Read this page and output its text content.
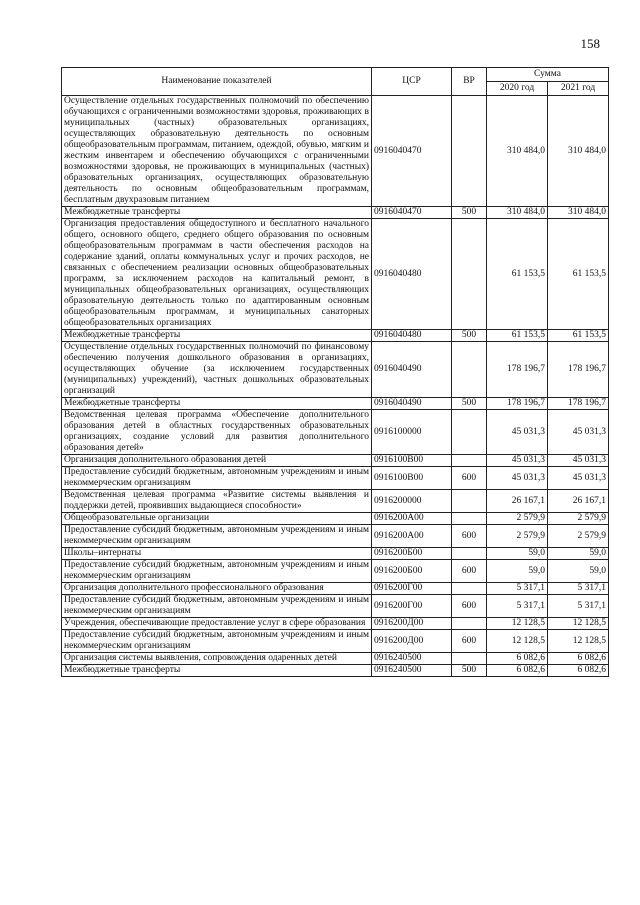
158
Наименование показателей	ЦСР	ВР	Сумма	
			2020 год	2021 год
Осуществление отдельных государственных полномочий по обеспечению обучающихся с ограниченными возможностями здоровья, проживающих в муниципальных (частных) образовательных организациях, осуществляющих образовательную деятельность по основным общеобразовательным программам, питанием, одеждой, обувью, мягким и жестким инвентарем и обеспечению обучающихся с ограниченными возможностями здоровья, не проживающих в муниципальных (частных) образовательных организациях, осуществляющих образовательную деятельность по основным общеобразовательным программам, бесплатным двухразовым питанием	0916040470		310 484,0	310 484,0
Межбюджетные трансферты	0916040470	500	310 484,0	310 484,0
Организация предоставления общедоступного и бесплатного начального общего, основного общего, среднего общего образования по основным общеобразовательным программам в части обеспечения расходов на содержание зданий, оплаты коммунальных услуг и прочих расходов, не связанных с обеспечением реализации основных общеобразовательных программ, за исключением расходов на капитальный ремонт, в муниципальных общеобразовательных организациях, осуществляющих образовательную деятельность только по адаптированным основным общеобразовательным программам, и муниципальных санаторных общеобразовательных организациях	0916040480		61 153,5	61 153,5
Межбюджетные трансферты	0916040480	500	61 153,5	61 153,5
Осуществление отдельных государственных полномочий по финансовому обеспечению получения дошкольного образования в организациях, осуществляющих обучение (за исключением государственных (муниципальных) учреждений), частных дошкольных образовательных организаций	0916040490		178 196,7	178 196,7
Межбюджетные трансферты	0916040490	500	178 196,7	178 196,7
Ведомственная целевая программа «Обеспечение дополнительного образования детей в областных государственных образовательных организациях, создание условий для развития дополнительного образования детей»	0916100000		45 031,3	45 031,3
Организация дополнительного образования детей	0916100В00		45 031,3	45 031,3
Предоставление субсидий бюджетным, автономным учреждениям и иным некоммерческим организациям	0916100В00	600	45 031,3	45 031,3
Ведомственная целевая программа «Развитие системы выявления и поддержки детей, проявивших выдающиеся способности»	0916200000		26 167,1	26 167,1
Общеобразовательные организации	0916200А00		2 579,9	2 579,9
Предоставление субсидий бюджетным, автономным учреждениям и иным некоммерческим организациям	0916200А00	600	2 579,9	2 579,9
Школы–интернаты	0916200Б00		59,0	59,0
Предоставление субсидий бюджетным, автономным учреждениям и иным некоммерческим организациям	0916200Б00	600	59,0	59,0
Организация дополнительного профессионального образования	0916200Г00		5 317,1	5 317,1
Предоставление субсидий бюджетным, автономным учреждениям и иным некоммерческим организациям	0916200Г00	600	5 317,1	5 317,1
Учреждения, обеспечивающие предоставление услуг в сфере образования	0916200Д00		12 128,5	12 128,5
Предоставление субсидий бюджетным, автономным учреждениям и иным некоммерческим организациям	0916200Д00	600	12 128,5	12 128,5
Организация системы выявления, сопровождения одаренных детей	0916240500		6 082,6	6 082,6
Межбюджетные трансферты	0916240500	500	6 082,6	6 082,6
